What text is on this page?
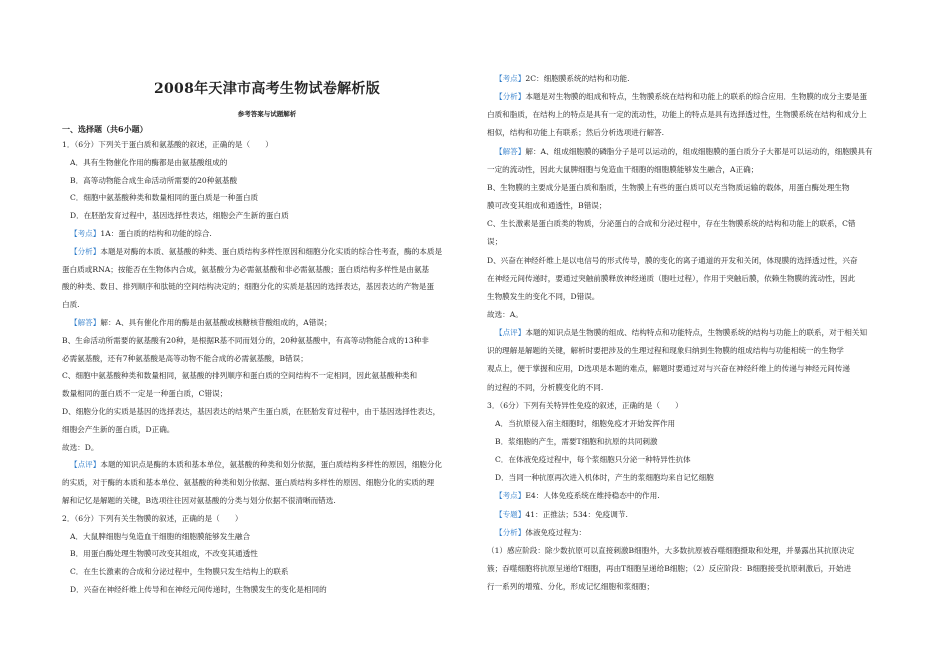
2008年天津市高考生物试卷解析版
参考答案与试题解析
一、选择题（共6小题）
1．（6分）下列关于蛋白质和氨基酸的叙述，正确的是（　　）
A．具有生物催化作用的酶都是由氨基酸组成的
B．高等动物能合成生命活动所需要的20种氨基酸
C．细胞中氨基酸种类和数量相同的蛋白质是一种蛋白质
D．在胚胎发育过程中，基因选择性表达，细胞会产生新的蛋白质
【考点】1A：蛋白质的结构和功能的综合.
【分析】本题是对酶的本质、氨基酸的种类、蛋白质结构多样性原因和细胞分化实质的综合性考查，酶的本质是
蛋白质或RNA；按能否在生物体内合成，氨基酸分为必需氨基酸和非必需氨基酸；蛋白质结构多样性是由氨基
酸的种类、数目、排列顺序和肽链的空间结构决定的；细胞分化的实质是基因的选择表达，基因表达的产物是蛋
白质.
【解答】解：A、具有催化作用的酶是由氨基酸或核糖核苷酸组成的，A错误；
B、生命活动所需要的氨基酸有20种，是根据R基不同而划分的，20种氨基酸中，有高等动物能合成的13种非
必需氨基酸，还有7种氨基酸是高等动物不能合成的必需氨基酸，B错误；
C、细胞中氨基酸种类和数量相同，氨基酸的排列顺序和蛋白质的空间结构不一定相同，因此氨基酸种类和
数量相同的蛋白质不一定是一种蛋白质，C错误；
D、细胞分化的实质是基因的选择表达，基因表达的结果产生蛋白质，在胚胎发育过程中，由于基因选择性表达，
细胞会产生新的蛋白质，D正确。
故选：D。
【点评】本题的知识点是酶的本质和基本单位，氨基酸的种类和划分依据，蛋白质结构多样性的原因，细胞分化
的实质，对于酶的本质和基本单位、氨基酸的种类和划分依据、蛋白质结构多样性的原因、细胞分化的实质的理
解和记忆是解题的关键，B选项往往因对氨基酸的分类与划分依据不很清晰而错选.
2．（6分）下列有关生物膜的叙述，正确的是（　　）
A．大鼠脾细胞与兔造血干细胞的细胞膜能够发生融合
B．用蛋白酶处理生物膜可改变其组成，不改变其通透性
C．在生长激素的合成和分泌过程中，生物膜只发生结构上的联系
D．兴奋在神经纤维上传导和在神经元间传递时，生物膜发生的变化是相同的
【考点】2C：细胞膜系统的结构和功能.
【分析】本题是对生物膜的组成和特点，生物膜系统在结构和功能上的联系的综合应用．生物膜的成分主要是蛋
白质和脂质，在结构上的特点是具有一定的流动性，功能上的特点是具有选择透过性，生物膜系统在结构和成分上
相似，结构和功能上有联系；然后分析选项进行解答.
【解答】解：A、组成细胞膜的磷脂分子是可以运动的，组成细胞膜的蛋白质分子大都是可以运动的，细胞膜具有
一定的流动性，因此大鼠脾细胞与兔造血干细胞的细胞膜能够发生融合，A正确；
B、生物膜的主要成分是蛋白质和脂质，生物膜上有些的蛋白质可以充当物质运输的载体，用蛋白酶处理生物
膜可改变其组成和通透性，B错误；
C、生长激素是蛋白质类的物质，分泌蛋白的合成和分泌过程中，存在生物膜系统的结构和功能上的联系，C错
误；
D、兴奋在神经纤维上是以电信号的形式传导，膜的变化的离子通道的开发和关闭，体现膜的选择透过性，兴奋
在神经元间传递时，要通过突触前膜释放神经递质（胞吐过程），作用于突触后膜，依赖生物膜的流动性，因此
生物膜发生的变化不同，D错误。
故选：A。
【点评】本题的知识点是生物膜的组成、结构特点和功能特点，生物膜系统的结构与功能上的联系，对于相关知
识的理解是解题的关键，解析时要把涉及的生理过程和现象归纳到生物膜的组成结构与功能相统一的生物学
观点上，便于掌握和应用，D选项是本题的难点，解题时要通过对与兴奋在神经纤维上的传递与神经元间传递
的过程的不同，分析膜变化的不同.
3．（6分）下列有关特异性免疫的叙述，正确的是（　　）
A．当抗原侵入宿主细胞时，细胞免疫才开始发挥作用
B．浆细胞的产生，需要T细胞和抗原的共同刺激
C．在体液免疫过程中，每个浆细胞只分泌一种特异性抗体
D．当同一种抗原再次进入机体时，产生的浆细胞均来自记忆细胞
【考点】E4：人体免疫系统在维持稳态中的作用.
【专题】41：正推法；534：免疫调节.
【分析】体液免疫过程为：
（1）感应阶段：除少数抗原可以直接刺激B细胞外，大多数抗原被吞噬细胞摄取和处理，并暴露出其抗原决定
簇；吞噬细胞将抗原呈递给T细胞，再由T细胞呈递给B细胞；（2）反应阶段：B细胞接受抗原刺激后，开始进
行一系列的增殖、分化，形成记忆细胞和浆细胞；
